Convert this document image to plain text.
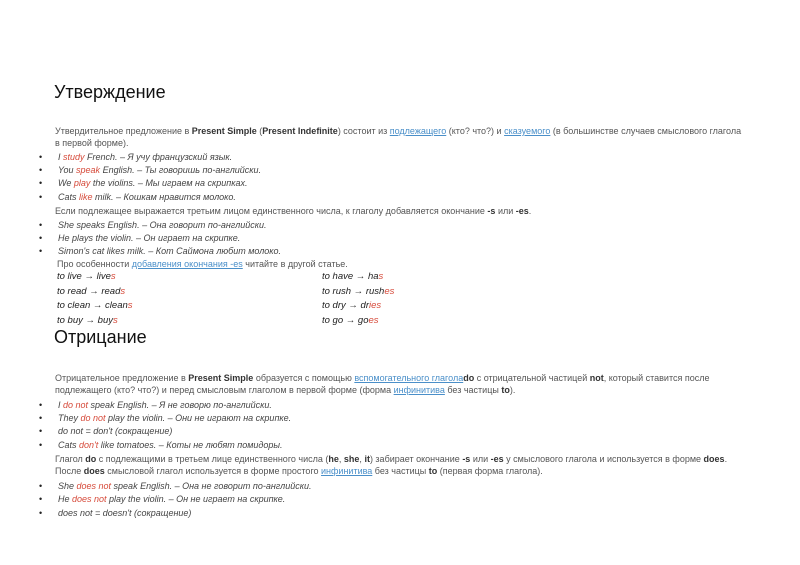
Утверждение

Утвердительное предложение в Present Simple (Present Indefinite) состоит из подлежащего (кто? что?) и сказуемого (в большинстве случаев смыслового глагола в первой форме).

• I study French. – Я учу французский язык.
• You speak English. – Ты говоришь по-английски.
• We play the violins. – Мы играем на скрипках.
• Cats like milk. – Кошкам нравится молоко.

Если подлежащее выражается третьим лицом единственного числа, к глаголу добавляется окончание -s или -es.

• She speaks English. – Она говорит по-английски.
• He plays the violin. – Он играет на скрипке.
• Simon's cat likes milk. – Кот Саймона любит молоко.

Про особенности добавления окончания -es читайте в другой статье.

to live → lives	to have → has
to read → reads	to rush → rushes
to clean → cleans	to dry → dries
to buy → buys	to go → goes
Отрицание

Отрицательное предложение в Present Simple образуется с помощью вспомогательного глаголаdo с отрицательной частицей not, который ставится после подлежащего (кто? что?) и перед смысловым глаголом в первой форме (форма инфинитива без частицы to).

• I do not speak English. – Я не говорю по-английски.
• They do not play the violin. – Они не играют на скрипке.
• do not = don't (сокращение)
• Cats don't like tomatoes. – Коты не любят помидоры.

Глагол do с подлежащими в третьем лице единственного числа (he, she, it) забирает окончание -s или -es у смыслового глагола и используется в форме does. После does смысловой глагол используется в форме простого инфинитива без частицы to (первая форма глагола).

• She does not speak English. – Она не говорит по-английски.
• He does not play the violin. – Он не играет на скрипке.
• does not = doesn't (сокращение)
